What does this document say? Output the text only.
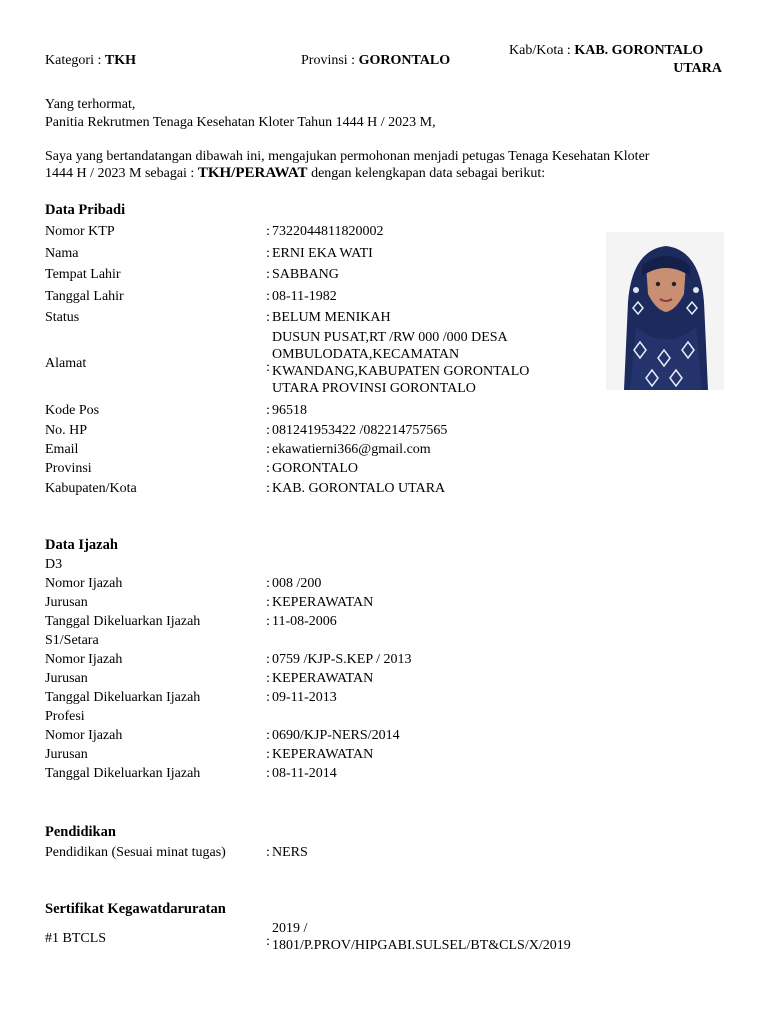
Kategori : TKH	Provinsi : GORONTALO
Kab/Kota : KAB. GORONTALO
UTARA
Yang terhormat,
Panitia Rekrutmen Tenaga Kesehatan Kloter Tahun 1444 H / 2023 M,
Saya yang bertandatangan dibawah ini, mengajukan permohonan menjadi petugas Tenaga Kesehatan Kloter
1444 H / 2023 M sebagai : TKH/PERAWAT dengan kelengkapan data sebagai berikut:
Data Pribadi
Nomor KTP	: 7322044811820002
Nama	: ERNI EKA WATI
Tempat Lahir	: SABBANG
Tanggal Lahir	: 08-11-1982
Status	: BELUM MENIKAH
Alamat	:
DUSUN PUSAT,RT /RW 000 /000 DESA
OMBULODATA,KECAMATAN
KWANDANG,KABUPATEN GORONTALO
UTARA PROVINSI GORONTALO
Kode Pos	: 96518
No. HP	: 081241953422 /082214757565
Email	: ekawatierni366@gmail.com
Provinsi	: GORONTALO
Kabupaten/Kota	: KAB. GORONTALO UTARA
Data Ijazah
D3
Nomor Ijazah	: 008 /200
Jurusan	: KEPERAWATAN
Tanggal Dikeluarkan Ijazah	: 11-08-2006
S1/Setara
Nomor Ijazah	: 0759 /KJP-S.KEP / 2013
Jurusan	: KEPERAWATAN
Tanggal Dikeluarkan Ijazah	: 09-11-2013
Profesi
Nomor Ijazah	: 0690/KJP-NERS/2014
Jurusan	: KEPERAWATAN
Tanggal Dikeluarkan Ijazah	: 08-11-2014
Pendidikan
Pendidikan (Sesuai minat tugas)	: NERS
Sertifikat Kegawatdaruratan
#1 BTCLS	:
2019 /
1801/P.PROV/HIPGABI.SULSEL/BT&CLS/X/2019
